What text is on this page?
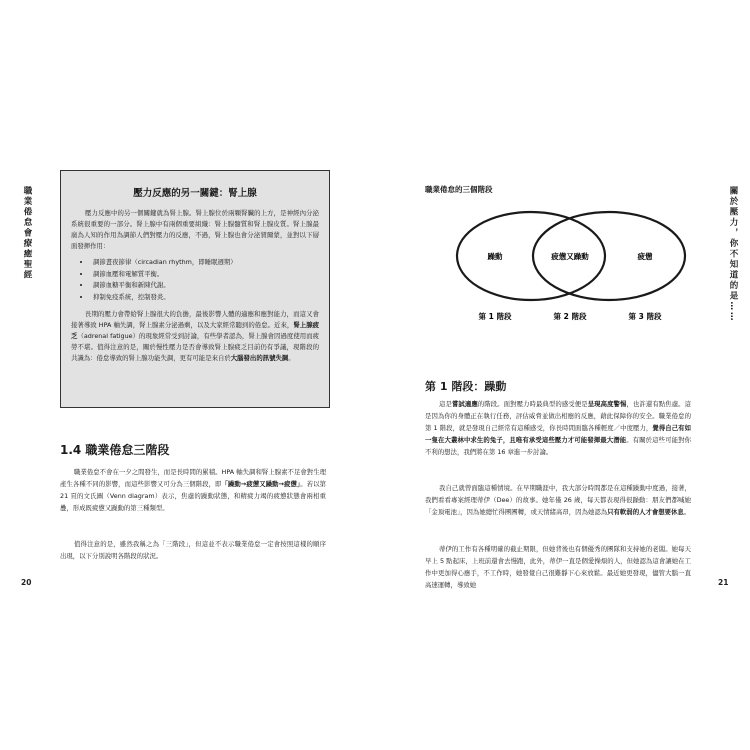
職業倦怠會療癒聖經
20
壓力反應的另一關鍵：腎上腺

壓力反應中的另一個關鍵就為腎上腺。腎上腺位於兩顆腎臟的上方，是神經內分泌系統很重要的一部分。腎上腺中有兩個重要組織：腎上腺髓質和腎上腺皮質。腎上腺最廣為人知的作用為調節人們對壓力的反應，不過，腎上腺也會分泌賀爾蒙，並對以下層面發揮作用：

• 調節晝夜節律（circadian rhythm，即睡眠週期）
• 調節血壓和電解質平衡。
• 調節血糖平衡和新陳代謝。
• 抑制免疫系統，控制發炎。

長期的壓力會帶給腎上腺很大的負擔，最後影響人體的適應和應對能力，而這又會接著導致 HPA 軸失調，腎上腺素分泌過剩，以及大家經常聽到的倦怠。近來，腎上腺疲乏（adrenal fatigue）的現象經常受到討論，有些學者認為，腎上腺會因過度使用而疲勞不堪。值得注意的是，關於慢性壓力是否會導致腎上腺疲乏目前仍有爭議，現階段的共識為：倦怠導致的腎上腺功能失調，更有可能是來自於大腦發出的訊號失調。

1.4 職業倦怠三階段

職業倦怠不會在一夕之間發生，而是長時間的累積。HPA 軸失調和腎上腺素不足會對生理產生各種不同的影響，而這些影響又可分為三個階段，即「躁動→疲憊又躁動→疲憊」。若以第 21 頁的文氏圖（Venn diagram）表示，焦慮的躁動狀態，和精疲力竭的疲憊狀態會兩相重疊，形成既疲憊又躁動的第三種類型。

值得注意的是，雖然我稱之為「三階段」，但這並不表示職業倦怠一定會按照這樣的順序出現，以下分別說明各階段的狀況。

關於壓力，你不知道的是……
21
職業倦怠的三個階段
躁動	疲憊又躁動	疲憊
第 1 階段	第 2 階段	第 3 階段
第 1 階段：躁動

這是嘗試適應的階段。面對壓力時最典型的感受便是呈現高度警惕，也許還有點焦慮。這是因為你的身體正在執行任務，評估威脅並做出相應的反應，藉此保障你的安全。職業倦怠的第 1 階段，就是發現自己經常有這種感受，你長時間面臨各種輕度／中度壓力，覺得自己有如一隻在大叢林中求生的兔子，且唯有承受這些壓力才可能發揮最大潛能。有關於這些可能對你不利的想法，我們將在第 16 章進一步討論。

我自己就曾面臨這種情境。在早期職涯中，我大部分時間都是在這種躁動中度過，接著，我們看看專案經理蒂伊（Dee）的故事。她年僅 26 歲，每天都表現得很躁動：朋友們都喊她「金頂電池」，因為她總忙得團團轉，或天情緒高昂，因為她認為只有軟弱的人才會想要休息。

蒂伊的工作有各種明確的截止期限，但她背後也有個優秀的團隊和支持她的老闆。她每天早上 5 點起床，上班前還會去慢跑，此外，蒂伊一直是個愛操煩的人，但她認為這會讓她在工作中更加得心應手，不工作時，她發覺自己很難靜下心來放鬆。最近她更發現，儘管大腦一直高速運轉，導致她
